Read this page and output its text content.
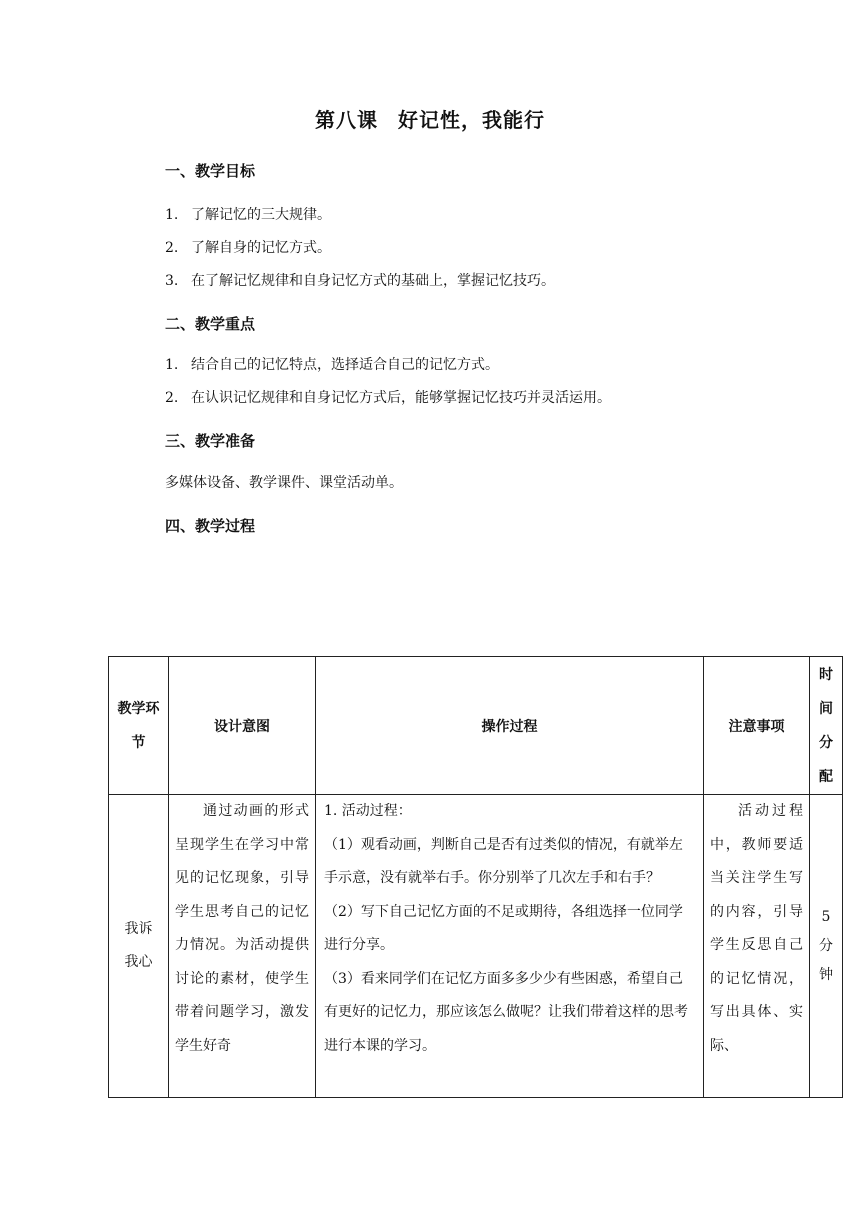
第八课 好记性，我能行
一、教学目标
1. 了解记忆的三大规律。
2. 了解自身的记忆方式。
3. 在了解记忆规律和自身记忆方式的基础上，掌握记忆技巧。
二、教学重点
1. 结合自己的记忆特点，选择适合自己的记忆方式。
2. 在认识记忆规律和自身记忆方式后，能够掌握记忆技巧并灵活运用。
三、教学准备
多媒体设备、教学课件、课堂活动单。
四、教学过程
教学环节	设计意图	操作过程	注意事项	时间分配

我诉我心	通过动画的形式呈现学生在学习中常见的记忆现象，引导学生思考自己的记忆力情况。为活动提供讨论的素材，使学生带着问题学习，激发学生好奇	1. 活动过程：
（1）观看动画，判断自己是否有过类似的情况，有就举左手示意，没有就举右手。你分别举了几次左手和右手？
（2）写下自己记忆方面的不足或期待，各组选择一位同学进行分享。
（3）看来同学们在记忆方面多多少少有些困惑，希望自己有更好的记忆力，那应该怎么做呢？让我们带着这样的思考进行本课的学习。	活动过程中，教师要适当关注学生写的内容，引导学生反思自己的记忆情况，写出具体、实际、	5分钟
